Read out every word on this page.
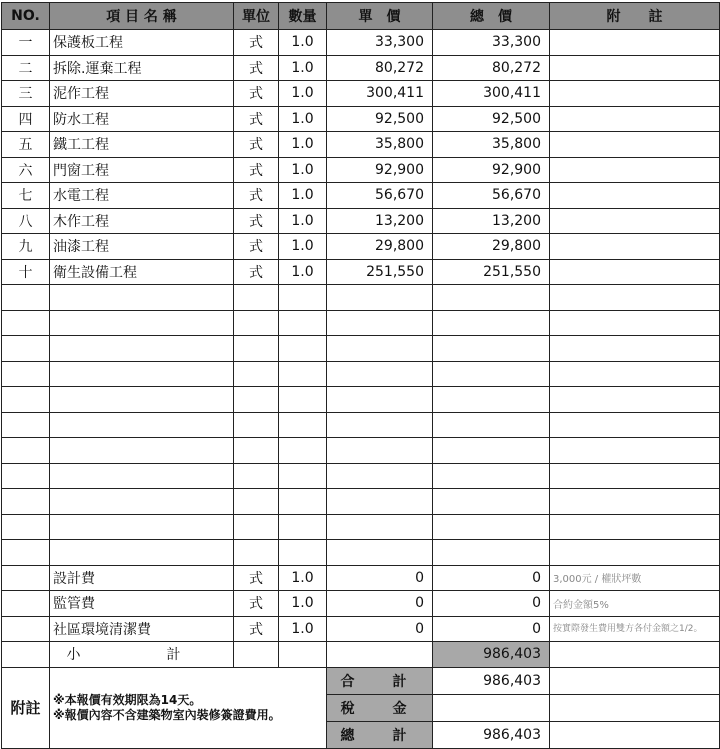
NO.	項 目 名 稱	單位	數量	單　價	總　價	附　　註
一	保護板工程	式	1.0	33,300	33,300	
二	拆除.運棄工程	式	1.0	80,272	80,272	
三	泥作工程	式	1.0	300,411	300,411	
四	防水工程	式	1.0	92,500	92,500	
五	鐵工工程	式	1.0	35,800	35,800	
六	門窗工程	式	1.0	92,900	92,900	
七	水電工程	式	1.0	56,670	56,670	
八	木作工程	式	1.0	13,200	13,200	
九	油漆工程	式	1.0	29,800	29,800	
十	衛生設備工程	式	1.0	251,550	251,550	

	設計費	式	1.0	0	0	3,000元 / 權狀坪數
	監管費	式	1.0	0	0	合約金額5%
	社區環境清潔費	式	1.0	0	0	按實際發生費用雙方各付金額之1/2。
	小　計				986,403	
附註	※本報價有效期限為14天。
※報價內容不含建築物室內裝修簽證費用。			合　計	986,403	
				稅　金		
				總　計	986,403	
